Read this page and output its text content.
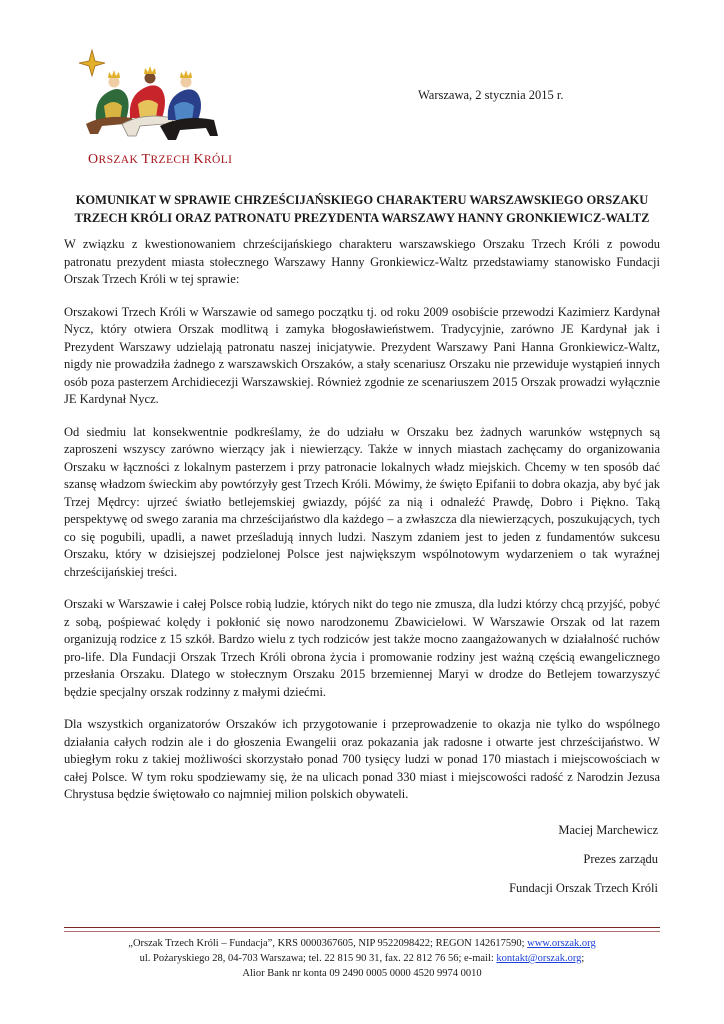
ORSZAK TRZECH KRÓLI
Warszawa, 2 stycznia 2015 r.
KOMUNIKAT W SPRAWIE CHRZEŚCIJAŃSKIEGO CHARAKTERU WARSZAWSKIEGO ORSZAKU
TRZECH KRÓLI ORAZ PATRONATU PREZYDENTA WARSZAWY HANNY GRONKIEWICZ-WALTZ

W związku z kwestionowaniem chrześcijańskiego charakteru warszawskiego Orszaku Trzech Króli z powodu patronatu prezydent miasta stołecznego Warszawy Hanny Gronkiewicz-Waltz przedstawiamy stanowisko Fundacji Orszak Trzech Króli w tej sprawie:

Orszakowi Trzech Króli w Warszawie od samego początku tj. od roku 2009 osobiście przewodzi Kazimierz Kardynał Nycz, który otwiera Orszak modlitwą i zamyka błogosławieństwem. Tradycyjnie, zarówno JE Kardynał jak i Prezydent Warszawy udzielają patronatu naszej inicjatywie. Prezydent Warszawy Pani Hanna Gronkiewicz-Waltz, nigdy nie prowadziła żadnego z warszawskich Orszaków, a stały scenariusz Orszaku nie przewiduje wystąpień innych osób poza pasterzem Archidiecezji Warszawskiej. Również zgodnie ze scenariuszem 2015 Orszak prowadzi wyłącznie JE Kardynał Nycz.

Od siedmiu lat konsekwentnie podkreślamy, że do udziału w Orszaku bez żadnych warunków wstępnych są zaproszeni wszyscy zarówno wierzący jak i niewierzący. Także w innych miastach zachęcamy do organizowania Orszaku w łączności z lokalnym pasterzem i przy patronacie lokalnych władz miejskich. Chcemy w ten sposób dać szansę władzom świeckim aby powtórzyły gest Trzech Króli. Mówimy, że święto Epifanii to dobra okazja, aby być jak Trzej Mędrcy: ujrzeć światło betlejemskiej gwiazdy, pójść za nią i odnaleźć Prawdę, Dobro i Piękno. Taką perspektywę od swego zarania ma chrześcijaństwo dla każdego – a zwłaszcza dla niewierzących, poszukujących, tych co się pogubili, upadli, a nawet prześladują innych ludzi. Naszym zdaniem jest to jeden z fundamentów sukcesu Orszaku, który w dzisiejszej podzielonej Polsce jest największym wspólnotowym wydarzeniem o tak wyraźnej chrześcijańskiej treści.

Orszaki w Warszawie i całej Polsce robią ludzie, których nikt do tego nie zmusza, dla ludzi którzy chcą przyjść, pobyć z sobą, pośpiewać kolędy i pokłonić się nowo narodzonemu Zbawicielowi. W Warszawie Orszak od lat razem organizują rodzice z 15 szkół. Bardzo wielu z tych rodziców jest także mocno zaangażowanych w działalność ruchów pro-life. Dla Fundacji Orszak Trzech Króli obrona życia i promowanie rodziny jest ważną częścią ewangelicznego przesłania Orszaku. Dlatego w stołecznym Orszaku 2015 brzemiennej Maryi w drodze do Betlejem towarzyszyć będzie specjalny orszak rodzinny z małymi dziećmi.

Dla wszystkich organizatorów Orszaków ich przygotowanie i przeprowadzenie to okazja nie tylko do wspólnego działania całych rodzin ale i do głoszenia Ewangelii oraz pokazania jak radosne i otwarte jest chrześcijaństwo. W ubiegłym roku z takiej możliwości skorzystało ponad 700 tysięcy ludzi w ponad 170 miastach i miejscowościach w całej Polsce. W tym roku spodziewamy się, że na ulicach ponad 330 miast i miejscowości radość z Narodzin Jezusa Chrystusa będzie świętowało co najmniej milion polskich obywateli.

Maciej Marchewicz
Prezes zarządu
Fundacji Orszak Trzech Króli
„Orszak Trzech Króli – Fundacja”, KRS 0000367605, NIP 9522098422; REGON 142617590; www.orszak.org
ul. Pożaryskiego 28, 04-703 Warszawa; tel. 22 815 90 31, fax. 22 812 76 56; e-mail: kontakt@orszak.org;
Alior Bank nr konta 09 2490 0005 0000 4520 9974 0010
